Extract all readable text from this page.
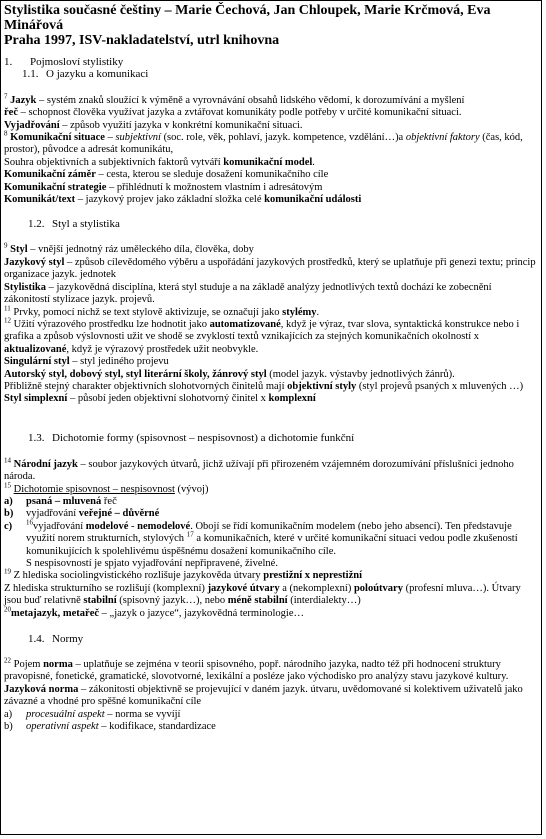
Stylistika současné češtiny – Marie Čechová, Jan Chloupek, Marie Krčmová, Eva
Minářová
Praha 1997, ISV-nakladatelství, utrl knihovna

1. Pojmosloví stylistiky
1.1. O jazyku a komunikaci

$^7$ Jazyk – systém znaků sloužící k výměně a vyrovnávání obsahů lidského vědomí, k dorozumívání a myšlení

řeč – schopnost člověka využívat jazyka a zvtářovat komunikáty podle potřeby v určité komunikační situaci.

Vyjadřování – způsob využití jazyka v konkrétní komunikační situaci.

$^8$ Komunikační situace – subjektivní (soc. role, věk, pohlaví, jazyk. kompetence, vzdělání…)a objektivní faktory (čas, kód, prostor), původce a adresát komunikátu,

Souhra objektivních a subjektivních faktorů vytváří komunikační model.

Komunikační záměr – cesta, kterou se sleduje dosažení komunikačního cíle

Komunikační strategie – přihlédnutí k možnostem vlastním i adresátovým

Komunikát/text – jazykový projev jako základní složka celé komunikační události

1.2. Styl a stylistika

$^9$ Styl – vnější jednotný ráz uměleckého díla, člověka, doby

Jazykový styl – způsob cílevědomého výběru a uspořádání jazykových prostředků, který se uplatňuje při genezi textu; princip organizace jazyk. jednotek

Stylistika – jazykovědná disciplína, která styl studuje a na základě analýzy jednotlivých textů dochází ke zobecnění zákonitostí stylizace jazyk. projevů.

$^{11}$ Prvky, pomocí nichž se text stylově aktivizuje, se označují jako stylémy.

$^{12}$ Užití výrazového prostředku lze hodnotit jako automatizované, když je výraz, tvar slova, syntaktická konstrukce nebo i grafika a způsob výslovnosti užit ve shodě se zvyklostí textů vznikajících za stejných komunikačních okolností x aktualizované, když je výrazový prostředek užit neobvykle.

Singulární styl – styl jediného projevu

Autorský styl, dobový styl, styl literární školy, žánrový styl (model jazyk. výstavby jednotlivých žánrů).

Přibližně stejný charakter objektivních slohotvorných činitelů mají objektivní styly (styl projevů psaných x mluvených …)

Styl simplexní – působí jeden objektivní slohotvorný činitel x komplexní

1.3. Dichotomie formy (spisovnost – nespisovnost) a dichotomie funkční

$^{14}$ Národní jazyk – soubor jazykových útvarů, jichž užívají při přirozeném vzájemném dorozumívání příslušníci jednoho národa.

$^{15}$ Dichotomie spisovnost – nespisovnost (vývoj)

a)	psaná – mluvená řeč
b)	vyjadřování veřejné – důvěrné
c)	$^{16}$vyjadřování modelové - nemodelové. Obojí se řídí komunikačním modelem (nebo jeho absencí). Ten představuje využití norem strukturních, stylových $^{17}$ a komunikačních, které v určité komunikační situaci vedou podle zkušeností komunikujících k spolehlivému úspěšnému dosažení komunikačního cíle.
S nespisovností je spjato vyjadřování nepřipravené, živelné.

$^{19}$ Z hlediska sociolingvistického rozlišuje jazykověda útvary prestižní x neprestižní

Z hlediska strukturního se rozlišují (komplexní) jazykové útvary a (nekomplexní) poloútvary (profesní mluva…). Útvary jsou buď relativně stabilní (spisovný jazyk…), nebo méně stabilní (interdialekty…)

$^{20}$metajazyk, metařeč – „jazyk o jazyce“, jazykovědná terminologie…

1.4. Normy

$^{22}$ Pojem norma – uplatňuje se zejména v teorii spisovného, popř. národního jazyka, nadto též při hodnocení struktury pravopisné, fonetické, gramatické, slovotvorné, lexikální a posléze jako východisko pro analýzy stavu jazykové kultury.

Jazyková norma – zákonitosti objektivně se projevující v daném jazyk. útvaru, uvědomované si kolektivem uživatelů jako závazné a vhodné pro spěšné komunikační cíle

a)	procesuální aspekt – norma se vyvíjí
b)	operativní aspekt – kodifikace, standardizace
